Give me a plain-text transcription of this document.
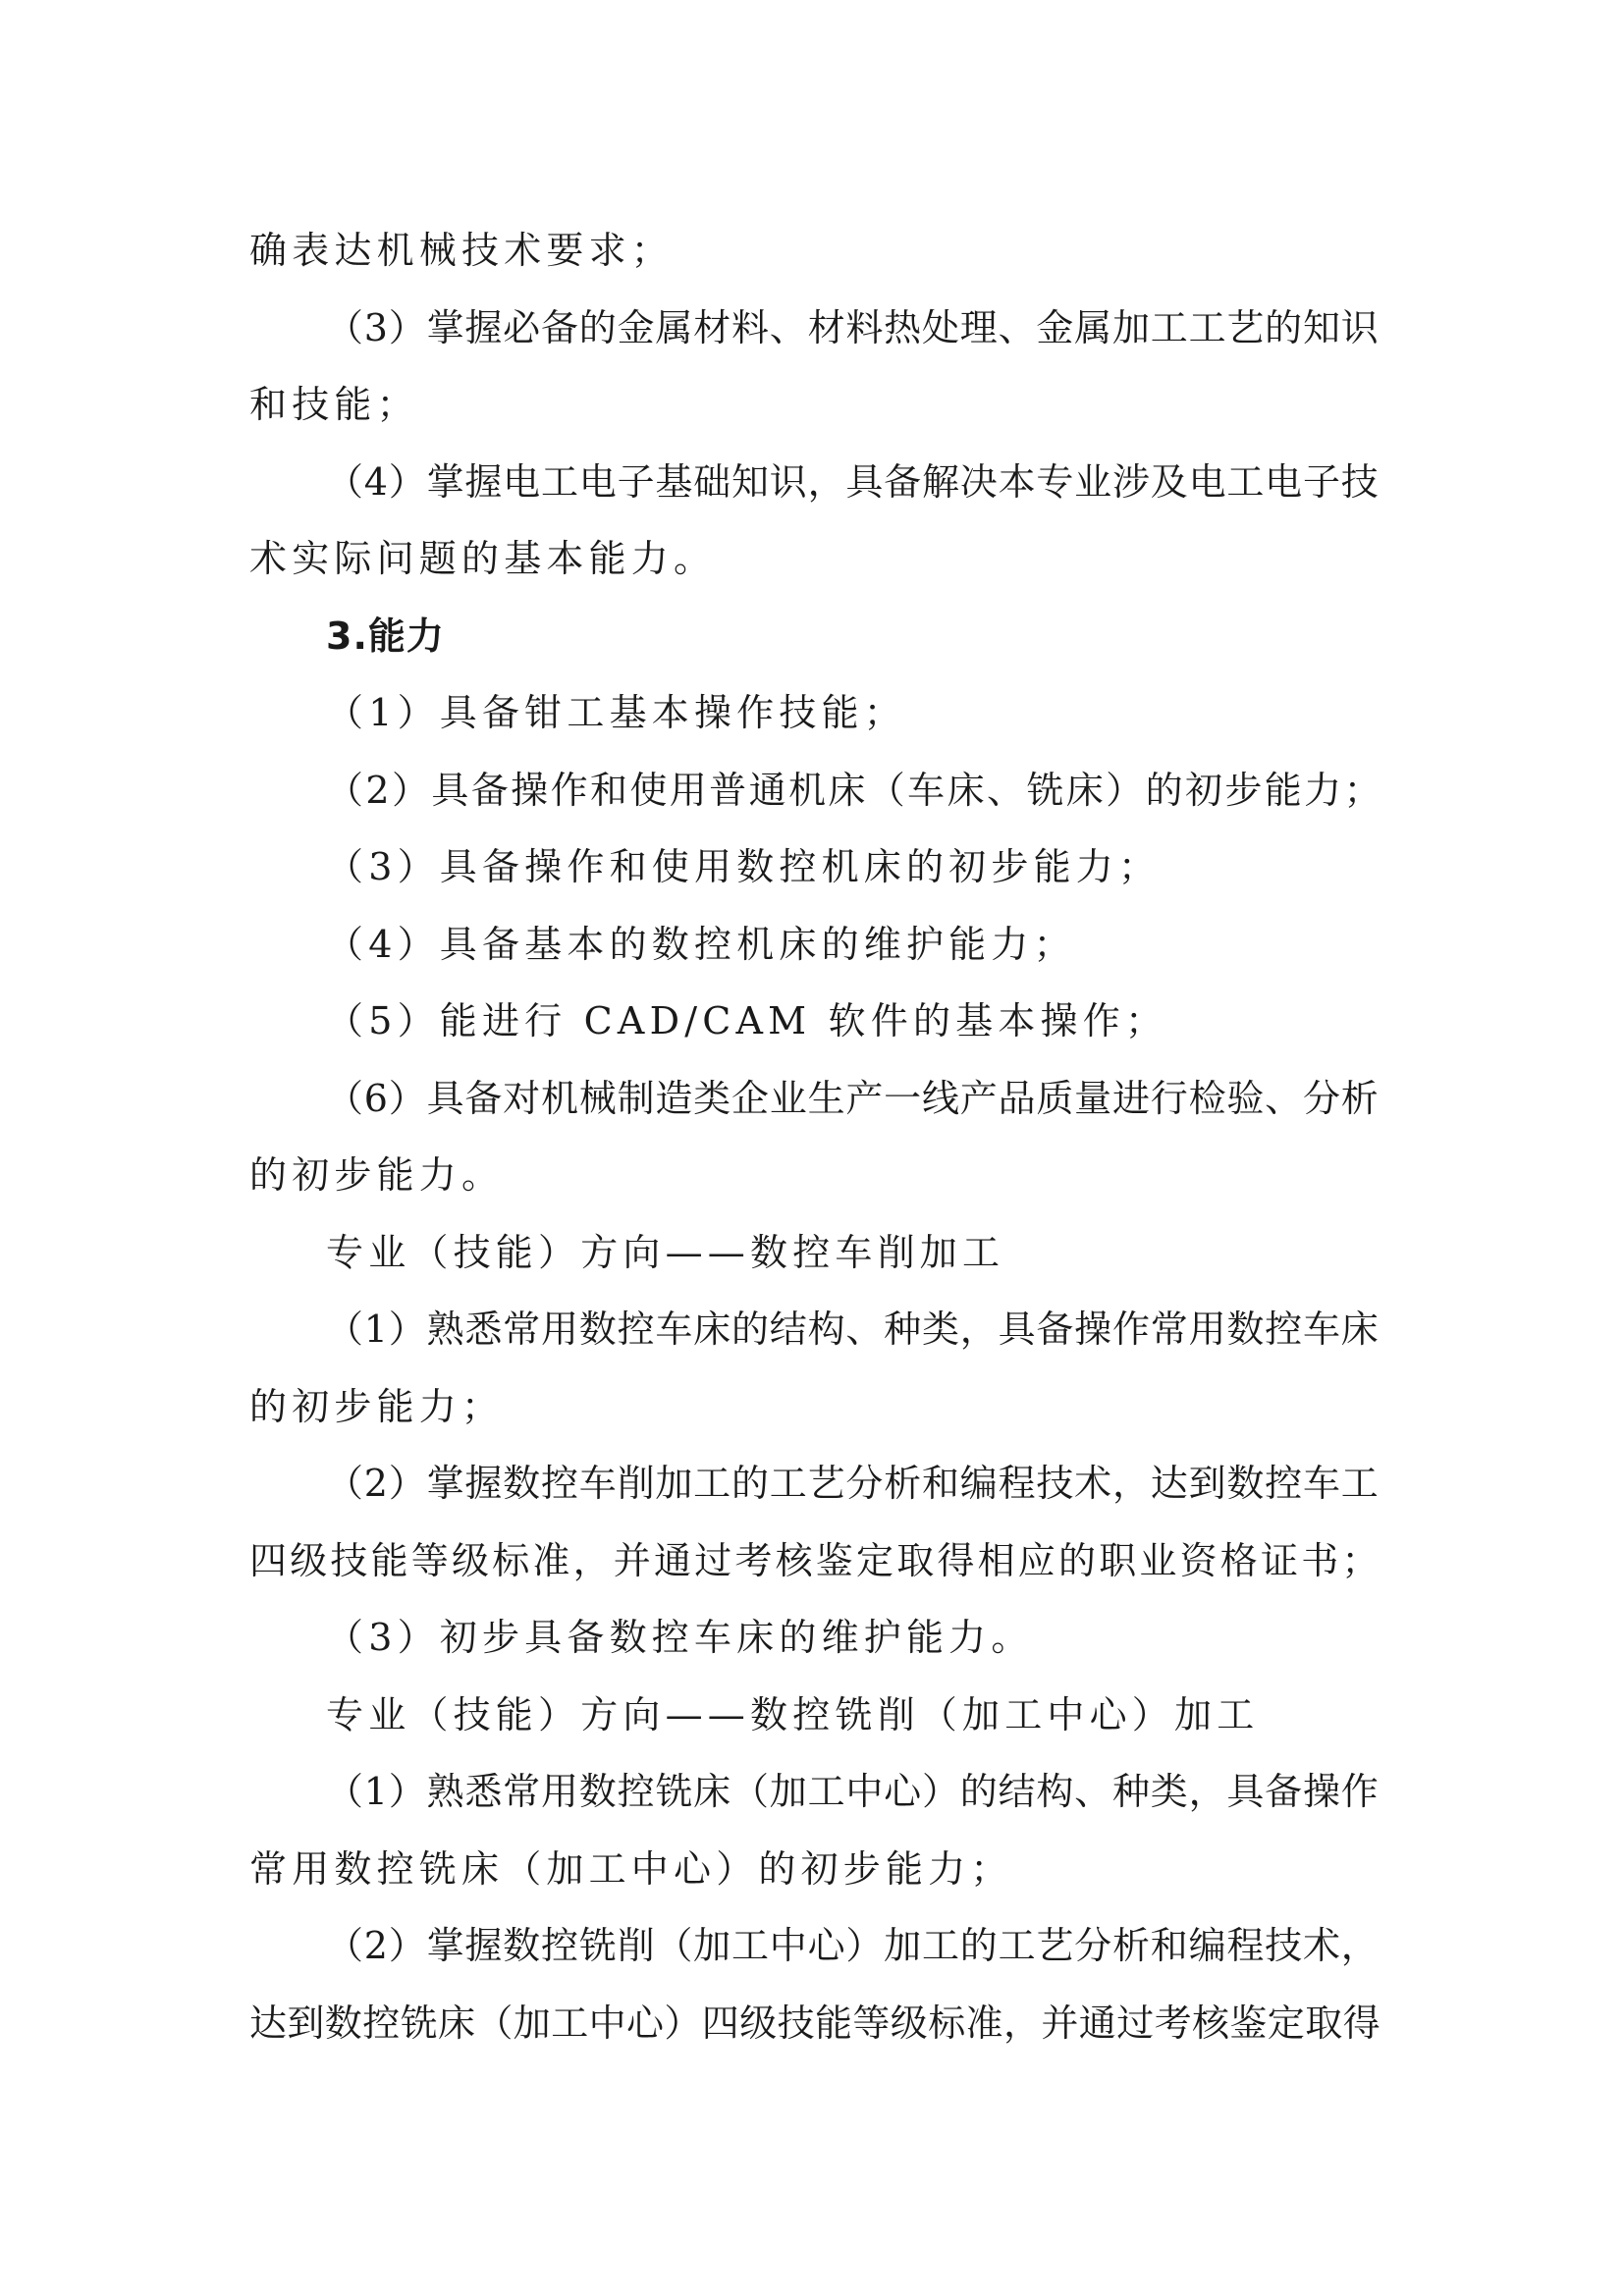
确表达机械技术要求；
（3）掌握必备的金属材料、材料热处理、金属加工工艺的知识
和技能；
（4）掌握电工电子基础知识，具备解决本专业涉及电工电子技
术实际问题的基本能力。
3.能力
（1）具备钳工基本操作技能；
（2）具备操作和使用普通机床（车床、铣床）的初步能力；
（3）具备操作和使用数控机床的初步能力；
（4）具备基本的数控机床的维护能力；
（5）能进行 CAD/CAM 软件的基本操作；
（6）具备对机械制造类企业生产一线产品质量进行检验、分析
的初步能力。
专业（技能）方向——数控车削加工
（1）熟悉常用数控车床的结构、种类，具备操作常用数控车床
的初步能力；
（2）掌握数控车削加工的工艺分析和编程技术，达到数控车工
四级技能等级标准，并通过考核鉴定取得相应的职业资格证书；
（3）初步具备数控车床的维护能力。
专业（技能）方向——数控铣削（加工中心）加工
（1）熟悉常用数控铣床（加工中心）的结构、种类，具备操作
常用数控铣床（加工中心）的初步能力；
（2）掌握数控铣削（加工中心）加工的工艺分析和编程技术，
达到数控铣床（加工中心）四级技能等级标准，并通过考核鉴定取得
